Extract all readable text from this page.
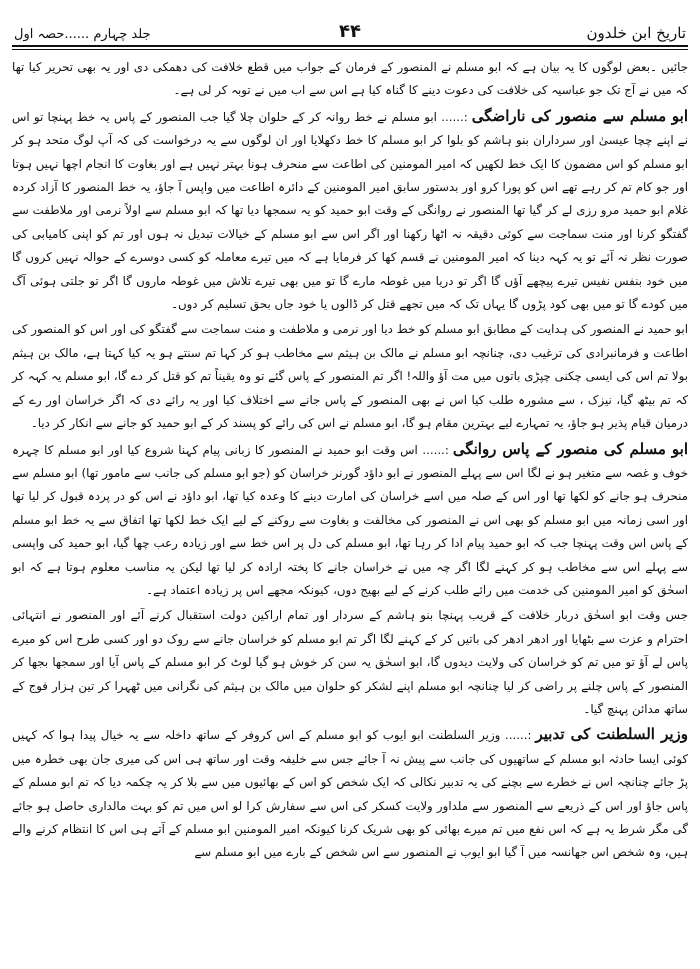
تاریخ ابن خلدون
۴۴
جلد چہارم ......حصہ اول

جائیں ۔بعض لوگوں کا یہ بیان ہے کہ ابو مسلم نے المنصور کے فرمان کے جواب میں قطع خلافت کی دھمکی دی اور یہ بھی تحریر کیا تھا کہ میں نے آج تک جو عباسیہ کی خلافت کی دعوت دینے کا گناہ کیا ہے اس سے اب میں نے توبہ کر لی ہے۔

ابو مسلم سے منصور کی ناراضگی:...... ابو مسلم نے خط روانہ کر کے حلوان چلا گیا جب المنصور کے پاس یہ خط پہنچا تو اس نے اپنے چچا عیسیٰ اور سرداران بنو ہاشم کو بلوا کر ابو مسلم کا خط دکھلایا اور ان لوگوں سے یہ درخواست کی کہ آپ لوگ متحد ہو کر ابو مسلم کو اس مضمون کا ایک خط لکھیں کہ امیر المومنین کی اطاعت سے منحرف ہونا بہتر نہیں ہے اور بغاوت کا انجام اچھا نہیں ہوتا اور جو کام تم کر رہے تھے اس کو پورا کرو اور بدستور سابق امیر المومنین کے دائرہ اطاعت میں واپس آ جاؤ، یہ خط المنصور کا آزاد کردہ غلام ابو حمید مرو رزی لے کر گیا تھا المنصور نے روانگی کے وقت ابو حمید کو یہ سمجھا دیا تھا کہ ابو مسلم سے اولاً نرمی اور ملاطفت سے گفتگو کرنا اور منت سماجت سے کوئی دقیقہ نہ اٹھا رکھنا اور اگر اس سے ابو مسلم کے خیالات تبدیل نہ ہوں اور تم کو اپنی کامیابی کی صورت نظر نہ آئے تو یہ کہہ دینا کہ امیر المومنین نے قسم کھا کر فرمایا ہے کہ میں تیرے معاملہ کو کسی دوسرے کے حوالہ نہیں کروں گا میں خود بنفس نفیس تیرے پیچھے آؤں گا اگر تو دریا میں غوطہ مارے گا تو میں بھی تیرے تلاش میں غوطہ ماروں گا اگر تو جلتی ہوئی آگ میں کودے گا تو میں بھی کود پڑوں گا یہاں تک کہ میں تجھے قتل کر ڈالوں یا خود جاں بحق تسلیم کر دوں۔

ابو حمید نے المنصور کی ہدایت کے مطابق ابو مسلم کو خط دیا اور نرمی و ملاطفت و منت سماجت سے گفتگو کی اور اس کو المنصور کی اطاعت و فرمانبرادی کی ترغیب دی، چنانچہ ابو مسلم نے مالک بن ہیثم سے مخاطب ہو کر کہا تم سنتے ہو یہ کیا کہتا ہے، مالک بن ہیثم بولا تم اس کی ایسی چکنی چپڑی باتوں میں مت آؤ واللہ! اگر تم المنصور کے پاس گئے تو وہ یقیناً تم کو قتل کر دے گا، ابو مسلم یہ کہہ کر کہ تم بیٹھ گیا، نیزک ، سے مشورہ طلب کیا اس نے بھی المنصور کے پاس جانے سے اختلاف کیا اور یہ رائے دی کہ اگر خراسان اور رے کے درمیان قیام پذیر ہو جاؤ، یہ تمہارے لیے بہترین مقام ہو گا، ابو مسلم نے اس کی رائے کو پسند کر کے ابو حمید کو جانے سے انکار کر دیا۔

ابو مسلم کی منصور کے پاس روانگی:...... اس وقت ابو حمید نے المنصور کا زبانی پیام کہنا شروع کیا اور ابو مسلم کا چہرہ خوف و غصہ سے متغیر ہو نے لگا اس سے پہلے المنصور نے ابو داؤد گورنر خراسان کو (جو ابو مسلم کی جانب سے مامور تھا) ابو مسلم سے منحرف ہو جانے کو لکھا تھا اور اس کے صلہ میں اسے خراسان کی امارت دینے کا وعدہ کیا تھا، ابو داؤد نے اس کو در پردہ قبول کر لیا تھا اور اسی زمانہ میں ابو مسلم کو بھی اس نے المنصور کی مخالفت و بغاوت سے روکنے کے لیے ایک خط لکھا تھا اتفاق سے یہ خط ابو مسلم کے پاس اس وقت پہنچا جب کہ ابو حمید پیام ادا کر رہا تھا، ابو مسلم کی دل پر اس خط سے اور زیادہ رعب چھا گیا، ابو حمید کی واپسی سے پہلے اس سے مخاطب ہو کر کہنے لگا اگر چہ میں نے خراسان جانے کا پختہ ارادہ کر لیا تھا لیکن یہ مناسب معلوم ہوتا ہے کہ ابو اسحٰق کو امیر المومنین کی خدمت میں رائے طلب کرنے کے لیے بھیج دوں، کیونکہ مجھے اس پر زیادہ اعتماد ہے۔

جس وقت ابو اسحٰق دربار خلافت کے قریب پہنچا بنو ہاشم کے سردار اور تمام اراکین دولت استقبال کرنے آئے اور المنصور نے انتہائی احترام و عزت سے بٹھایا اور ادھر ادھر کی باتیں کر کے کہنے لگا اگر تم ابو مسلم کو خراسان جانے سے روک دو اور کسی طرح اس کو میرے پاس لے آؤ تو میں تم کو خراسان کی ولایت دیدوں گا، ابو اسحٰق یہ سن کر خوش ہو گیا لوٹ کر ابو مسلم کے پاس آیا اور سمجھا بجھا کر المنصور کے پاس چلنے پر راضی کر لیا چنانچہ ابو مسلم اپنے لشکر کو حلوان میں مالک بن ہیثم کی نگرانی میں ٹھہرا کر تین ہزار فوج کے ساتھ مدائن پہنچ گیا۔

وزیر السلطنت کی تدبیر:...... وزیر السلطنت ابو ایوب کو ابو مسلم کے اس کروفر کے ساتھ داخلہ سے یہ خیال پیدا ہوا کہ کہیں کوئی ایسا حادثہ ابو مسلم کے ساتھیوں کی جانب سے پیش نہ آ جائے جس سے خلیفہ وقت اور ساتھ ہی اس کی میری جان بھی خطرہ میں پڑ جائے چنانچہ اس نے خطرے سے بچنے کی یہ تدبیر نکالی کہ ایک شخص کو اس کے بھائیوں میں سے بلا کر یہ چکمہ دیا کہ تم ابو مسلم کے پاس جاؤ اور اس کے ذریعے سے المنصور سے ملداور ولایت کسکر کی اس سے سفارش کرا لو اس میں تم کو بہت مالداری حاصل ہو جائے گی مگر شرط یہ ہے کہ اس نفع میں تم میرے بھائی کو بھی شریک کرنا کیونکہ امیر المومنین ابو مسلم کے آتے ہی اس کا انتظام کرنے والے ہیں، وہ شخص اس جھانسہ میں آ گیا ابو ایوب نے المنصور سے اس شخص کے بارے میں ابو مسلم سے
